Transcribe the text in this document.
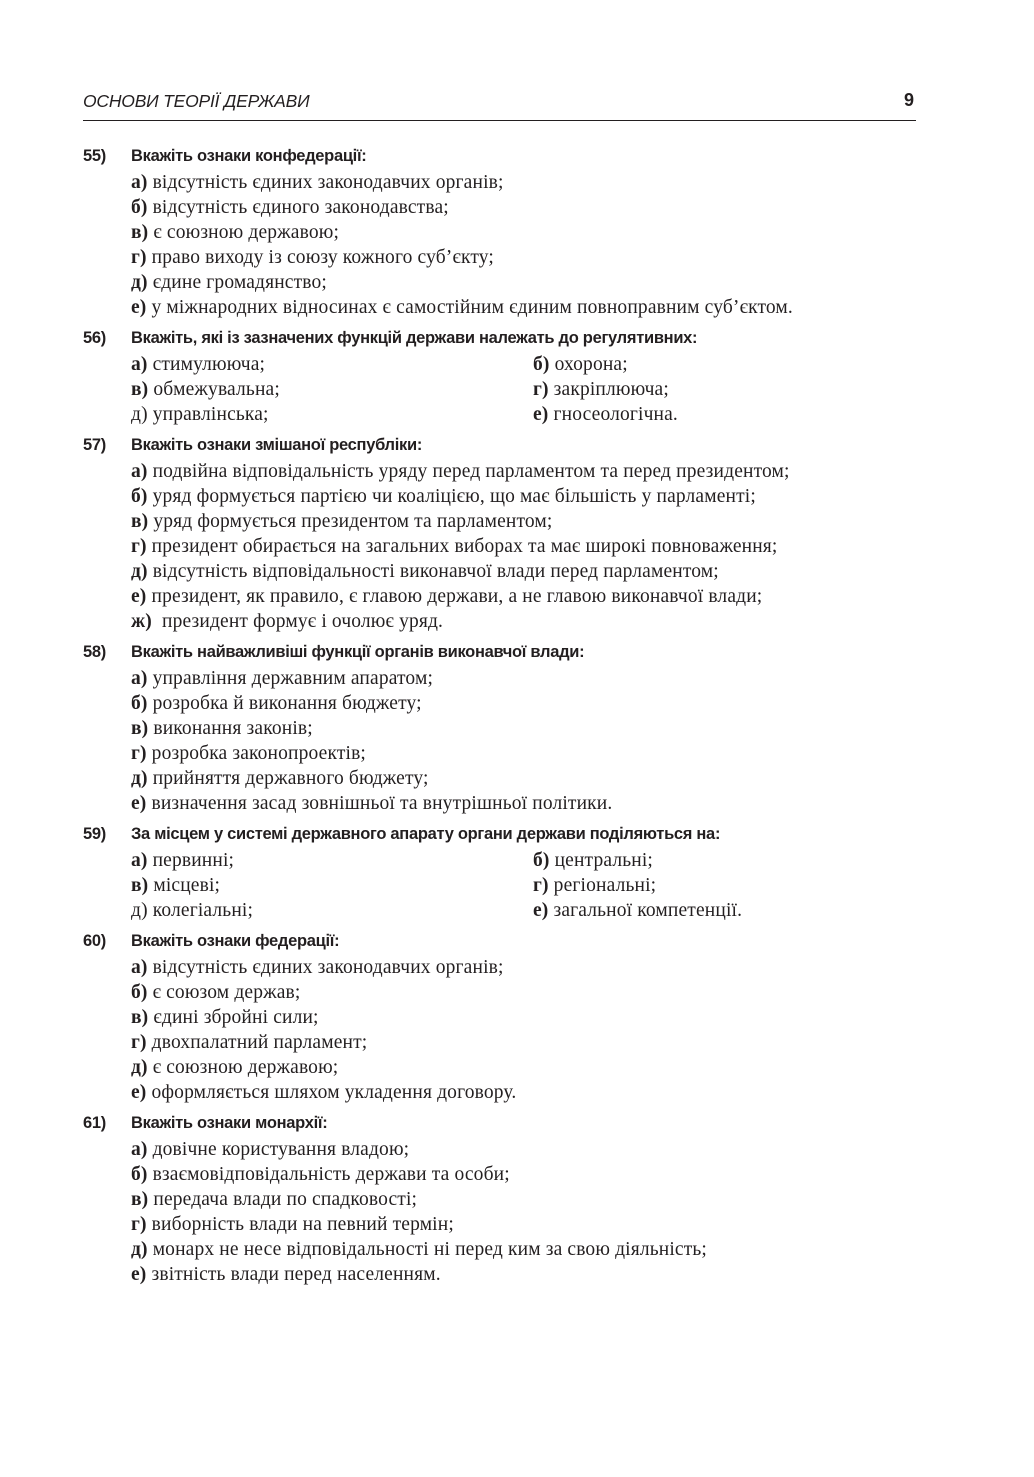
ОСНОВИ ТЕОРІЇ ДЕРЖАВИ	9
55)	Вкажіть ознаки конфедерації:
а) відсутність єдиних законодавчих органів;
б) відсутність єдиного законодавства;
в) є союзною державою;
г) право виходу із союзу кожного суб’єкту;
д) єдине громадянство;
е) у міжнародних відносинах є самостійним єдиним повноправним суб’єктом.
56)	Вкажіть, які із зазначених функцій держави належать до регулятивних:
а) стимулююча;	б) охорона;
в) обмежувальна;	г) закріплююча;
д) управлінська;	е) гносеологічна.
57)	Вкажіть ознаки змішаної республіки:
а) подвійна відповідальність уряду перед парламентом та перед президентом;
б) уряд формується партією чи коаліцією, що має більшість у парламенті;
в) уряд формується президентом та парламентом;
г) президент обирається на загальних виборах та має широкі повноваження;
д) відсутність відповідальності виконавчої влади перед парламентом;
е) президент, як правило, є главою держави, а не главою виконавчої влади;
ж)  президент формує і очолює уряд.
58)	Вкажіть найважливіші функції органів виконавчої влади:
а) управління державним апаратом;
б) розробка й виконання бюджету;
в) виконання законів;
г) розробка законопроектів;
д) прийняття державного бюджету;
е) визначення засад зовнішньої та внутрішньої політики.
59)	За місцем у системі державного апарату органи держави поділяються на:
а) первинні;	б) центральні;
в) місцеві;	г) регіональні;
д) колегіальні;	е) загальної компетенції.
60)	Вкажіть ознаки федерації:
а) відсутність єдиних законодавчих органів;
б) є союзом держав;
в) єдині збройні сили;
г) двохпалатний парламент;
д) є союзною державою;
е) оформляється шляхом укладення договору.
61)	Вкажіть ознаки монархії:
а) довічне користування владою;
б) взаємовідповідальність держави та особи;
в) передача влади по спадковості;
г) виборність влади на певний термін;
д) монарх не несе відповідальності ні перед ким за свою діяльність;
е) звітність влади перед населенням.
